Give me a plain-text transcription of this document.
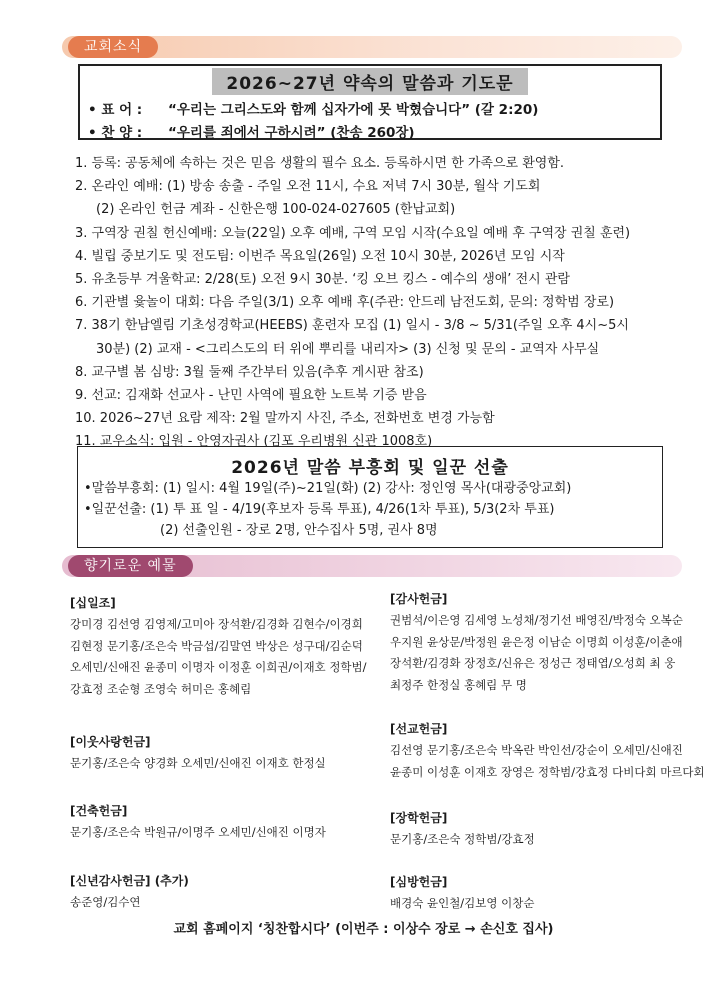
교회소식
2026~27년 약속의 말씀과 기도문
• 표 어 : “우리는 그리스도와 함께 십자가에 못 박혔습니다” (갈 2:20)
• 찬 양 : “우리를 죄에서 구하시려” (찬송 260장)
1. 등록: 공동체에 속하는 것은 믿음 생활의 필수 요소. 등록하시면 한 가족으로 환영함.
2. 온라인 예배: (1) 방송 송출 - 주일 오전 11시, 수요 저녁 7시 30분, 월삭 기도회
(2) 온라인 헌금 계좌 - 신한은행 100-024-027605 (한납교회)
3. 구역장 권칠 헌신예배: 오늘(22일) 오후 예배, 구역 모임 시작(수요일 예배 후 구역장 권칠 훈련)
4. 빌립 중보기도 및 전도팀: 이번주 목요일(26일) 오전 10시 30분, 2026년 모임 시작
5. 유초등부 겨울학교: 2/28(토) 오전 9시 30분. ‘킹 오브 킹스 - 예수의 생애’ 전시 관람
6. 기관별 윷놀이 대회: 다음 주일(3/1) 오후 예배 후(주관: 안드레 남전도회, 문의: 정학범 장로)
7. 38기 한남엘림 기초성경학교(HEEBS) 훈련자 모집 (1) 일시 - 3/8 ~ 5/31(주일 오후 4시~5시
30분) (2) 교재 - <그리스도의 터 위에 뿌리를 내리자> (3) 신청 및 문의 - 교역자 사무실
8. 교구별 봄 심방: 3월 둘째 주간부터 있음(추후 게시판 참조)
9. 선교: 김재화 선교사 - 난민 사역에 필요한 노트북 기증 받음
10. 2026~27년 요람 제작: 2월 말까지 사진, 주소, 전화번호 변경 가능함
11. 교우소식: 입원 - 안영자권사 (김포 우리병원 신관 1008호)
2026년 말씀 부흥회 및 일꾼 선출
•말씀부흥회: (1) 일시: 4월 19일(주)~21일(화) (2) 강사: 정인영 목사(대광중앙교회)
•일꾼선출: (1) 투 표 일 - 4/19(후보자 등록 투표), 4/26(1차 투표), 5/3(2차 투표)
(2) 선출인원 - 장로 2명, 안수집사 5명, 권사 8명
향기로운 예물
[십일조]
강미경 김선영 김영제/고미아 장석환/김경화 김현수/이경희
김현정 문기홍/조은숙 박금섭/김말연 박상은 성구대/김순덕
오세민/신애진 윤종미 이명자 이정훈 이희권/이재호 정학범/
강효정 조순형 조영숙 허미은 홍혜림
[이웃사랑헌금]
문기홍/조은숙 양경화 오세민/신애진 이재호 한정실
[건축헌금]
문기홍/조은숙 박원규/이명주 오세민/신애진 이명자
[신년감사헌금] (추가)
송준영/김수연
[감사헌금]
권범석/이은영 김세영 노성채/정기선 배영진/박정숙 오복순
우지원 윤상문/박정원 윤은정 이남순 이명희 이성훈/이춘애
장석환/김경화 장정호/신유은 정성근 정태엽/오성희 최 웅
최정주 한정실 홍혜림 무 명
[선교헌금]
김선영 문기홍/조은숙 박옥란 박인선/강순이 오세민/신애진
윤종미 이성훈 이재호 장영은 정학범/강효정 다비다회 마르다회
[장학헌금]
문기홍/조은숙 정학범/강효정
[심방헌금]
배경숙 윤인철/김보영 이창순
교회 홈페이지 ‘칭찬합시다’ (이번주 : 이상수 장로 → 손신호 집사)
